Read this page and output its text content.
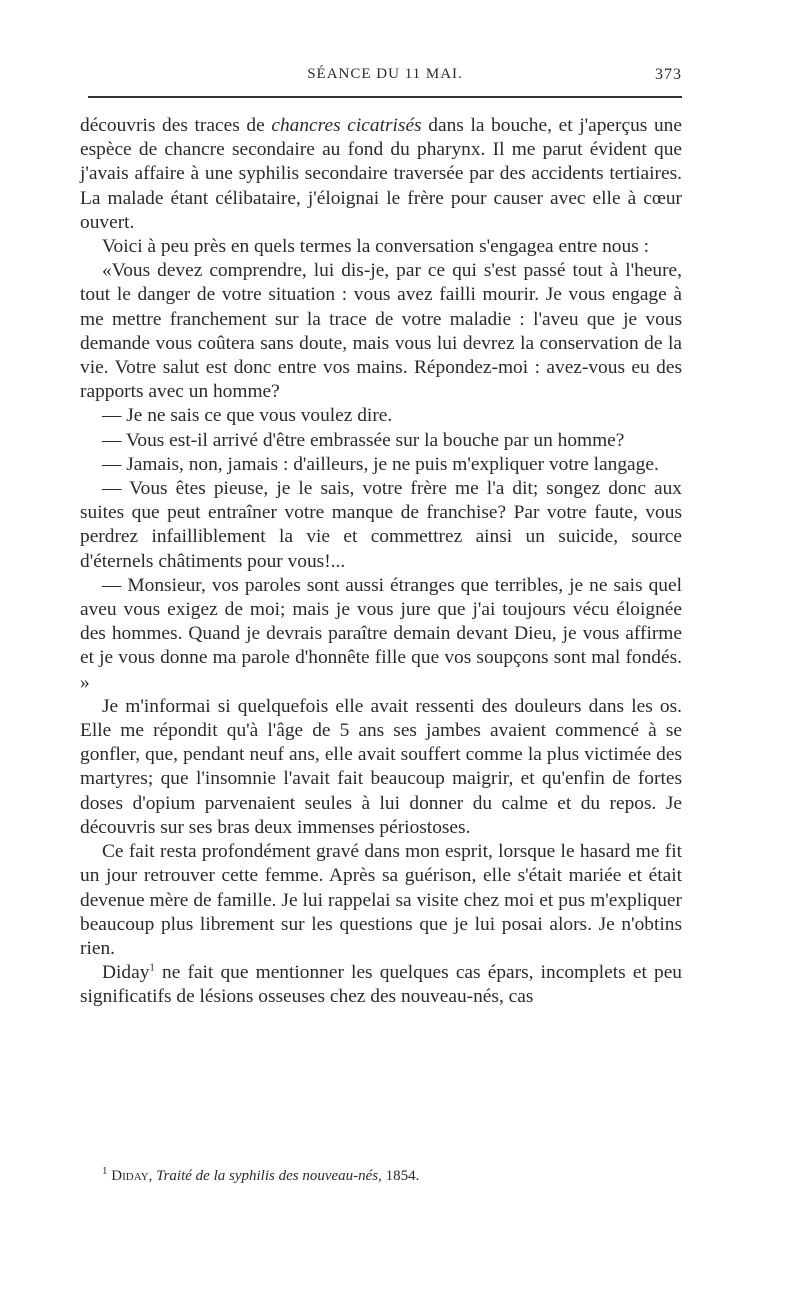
SÉANCE DU 11 MAI.	373

découvris des traces de chancres cicatrisés dans la bouche, et j'aperçus une espèce de chancre secondaire au fond du pharynx. Il me parut évident que j'avais affaire à une syphilis secondaire traversée par des accidents tertiaires. La malade étant célibataire, j'éloignai le frère pour causer avec elle à cœur ouvert.

Voici à peu près en quels termes la conversation s'engagea entre nous :

«Vous devez comprendre, lui dis-je, par ce qui s'est passé tout à l'heure, tout le danger de votre situation : vous avez failli mourir. Je vous engage à me mettre franchement sur la trace de votre maladie : l'aveu que je vous demande vous coûtera sans doute, mais vous lui devrez la conservation de la vie. Votre salut est donc entre vos mains. Répondez-moi : avez-vous eu des rapports avec un homme?

— Je ne sais ce que vous voulez dire.

— Vous est-il arrivé d'être embrassée sur la bouche par un homme?

— Jamais, non, jamais : d'ailleurs, je ne puis m'expliquer votre langage.

— Vous êtes pieuse, je le sais, votre frère me l'a dit; songez donc aux suites que peut entraîner votre manque de franchise? Par votre faute, vous perdrez infailliblement la vie et commettrez ainsi un suicide, source d'éternels châtiments pour vous!...

— Monsieur, vos paroles sont aussi étranges que terribles, je ne sais quel aveu vous exigez de moi; mais je vous jure que j'ai toujours vécu éloignée des hommes. Quand je devrais paraître demain devant Dieu, je vous affirme et je vous donne ma parole d'honnête fille que vos soupçons sont mal fondés. »

Je m'informai si quelquefois elle avait ressenti des douleurs dans les os. Elle me répondit qu'à l'âge de 5 ans ses jambes avaient commencé à se gonfler, que, pendant neuf ans, elle avait souffert comme la plus victimée des martyres; que l'insomnie l'avait fait beaucoup maigrir, et qu'enfin de fortes doses d'opium parvenaient seules à lui donner du calme et du repos. Je découvris sur ses bras deux immenses périostoses.

Ce fait resta profondément gravé dans mon esprit, lorsque le hasard me fit un jour retrouver cette femme. Après sa guérison, elle s'était mariée et était devenue mère de famille. Je lui rappelai sa visite chez moi et pus m'expliquer beaucoup plus librement sur les questions que je lui posai alors. Je n'obtins rien.

Diday$^1$ ne fait que mentionner les quelques cas épars, incomplets et peu significatifs de lésions osseuses chez des nouveau-nés, cas

$^1$ Diday, Traité de la syphilis des nouveau-nés, 1854.
